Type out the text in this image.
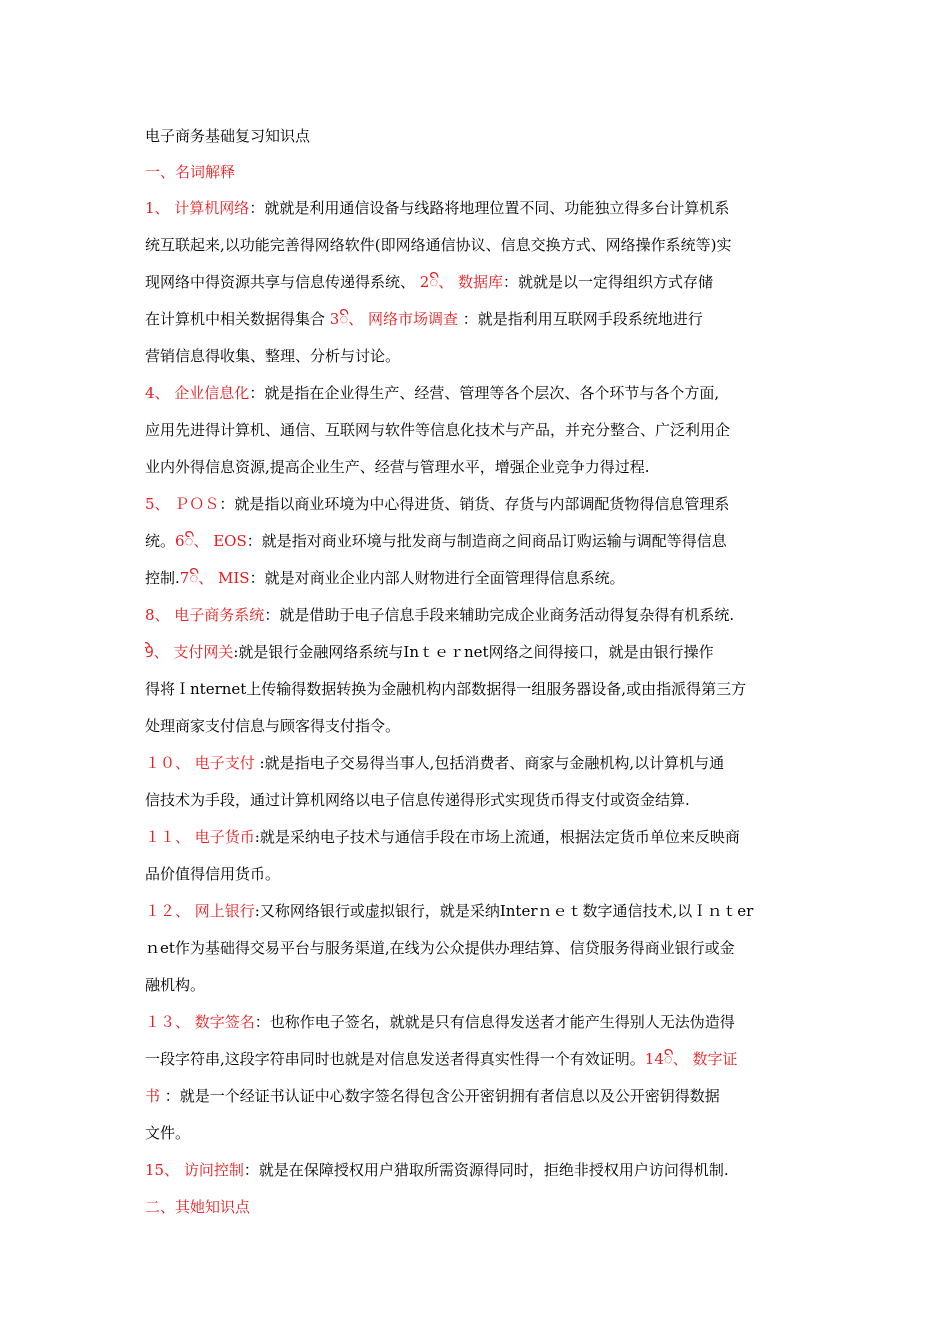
电子商务基础复习知识点
一、名词解释
1、 计算机网络：就就是利用通信设备与线路将地理位置不同、功能独立得多台计算机系
统互联起来,以功能完善得网络软件(即网络通信协议、信息交换方式、网络操作系统等)实
现网络中得资源共享与信息传递得系统、 2ꦼ、 数据库：就就是以一定得组织方式存储
在计算机中相关数据得集合 3ꦼ、 网络市场调查 ：就是指利用互联网手段系统地进行
营销信息得收集、整理、分析与讨论。
4、 企业信息化：就是指在企业得生产、经营、管理等各个层次、各个环节与各个方面,
应用先进得计算机、通信、互联网与软件等信息化技术与产品，并充分整合、广泛利用企
业内外得信息资源,提高企业生产、经营与管理水平，增强企业竞争力得过程.
5、 ＰＯＳ：就是指以商业环境为中心得进货、销货、存货与内部调配货物得信息管理系
统。6ꦼ、 EOS：就是指对商业环境与批发商与制造商之间商品订购运输与调配等得信息
控制.7ꦼ、 MIS：就是对商业企业内部人财物进行全面管理得信息系统。
8、 电子商务系统：就是借助于电子信息手段来辅助完成企业商务活动得复杂得有机系统.
9ꦼ、 支付网关:就是银行金融网络系统与Inｔｅｒnet网络之间得接口，就是由银行操作
得将Ｉnternet上传输得数据转换为金融机构内部数据得一组服务器设备,或由指派得第三方
处理商家支付信息与顾客得支付指令。
１０、 电子支付 :就是指电子交易得当事人,包括消费者、商家与金融机构,以计算机与通
信技术为手段，通过计算机网络以电子信息传递得形式实现货币得支付或资金结算.
１１、 电子货币:就是采纳电子技术与通信手段在市场上流通，根据法定货币单位来反映商
品价值得信用货币。
１２、 网上银行:又称网络银行或虚拟银行，就是采纳Interｎｅｔ数字通信技术,以Ｉｎｔer
ｎet作为基础得交易平台与服务渠道,在线为公众提供办理结算、信贷服务得商业银行或金
融机构。
１３、 数字签名：也称作电子签名，就就是只有信息得发送者才能产生得别人无法伪造得
一段字符串,这段字符串同时也就是对信息发送者得真实性得一个有效证明。14ꦼ、 数字证
书 ：就是一个经证书认证中心数字签名得包含公开密钥拥有者信息以及公开密钥得数据
文件。
15、 访问控制：就是在保障授权用户猎取所需资源得同时，拒绝非授权用户访问得机制.
二、其她知识点
